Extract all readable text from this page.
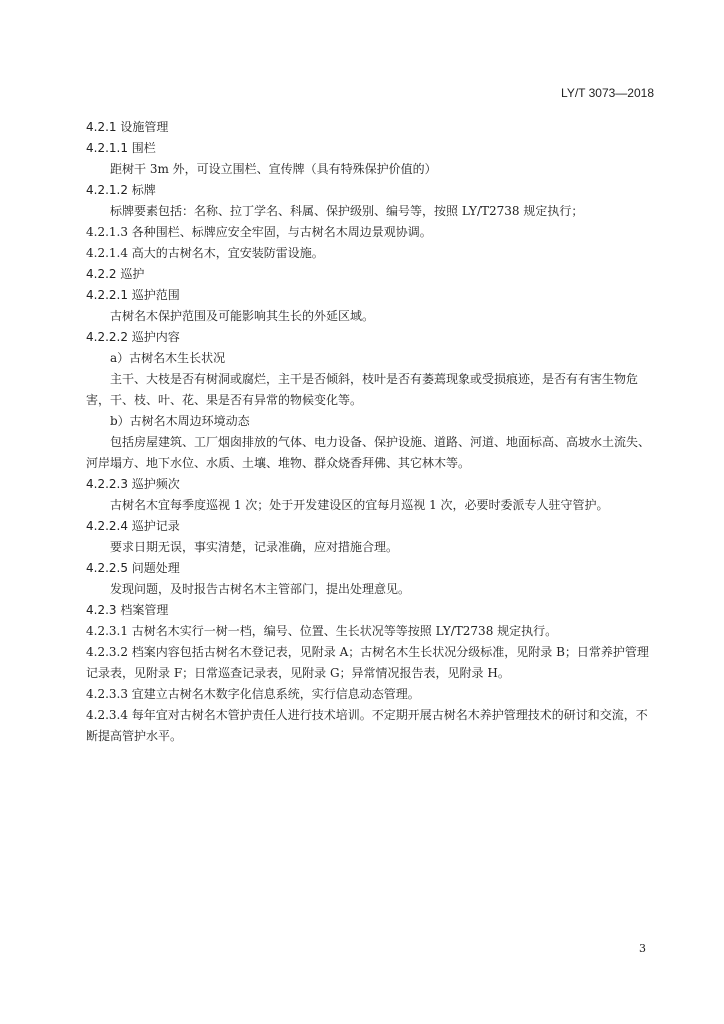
LY/T 3073—2018
4.2.1 设施管理
4.2.1.1 围栏
距树干 3m 外，可设立围栏、宣传牌（具有特殊保护价值的）
4.2.1.2 标牌
标牌要素包括：名称、拉丁学名、科属、保护级别、编号等，按照 LY/T2738 规定执行；
4.2.1.3 各种围栏、标牌应安全牢固，与古树名木周边景观协调。
4.2.1.4 高大的古树名木，宜安装防雷设施。
4.2.2 巡护
4.2.2.1 巡护范围
古树名木保护范围及可能影响其生长的外延区域。
4.2.2.2 巡护内容
a）古树名木生长状况
主干、大枝是否有树洞或腐烂，主干是否倾斜，枝叶是否有萎蔫现象或受损痕迹，是否有有害生物危害，干、枝、叶、花、果是否有异常的物候变化等。
b）古树名木周边环境动态
包括房屋建筑、工厂烟囱排放的气体、电力设备、保护设施、道路、河道、地面标高、高坡水土流失、河岸塌方、地下水位、水质、土壤、堆物、群众烧香拜佛、其它林木等。
4.2.2.3 巡护频次
古树名木宜每季度巡视 1 次；处于开发建设区的宜每月巡视 1 次，必要时委派专人驻守管护。
4.2.2.4 巡护记录
要求日期无误，事实清楚，记录准确，应对措施合理。
4.2.2.5 问题处理
发现问题，及时报告古树名木主管部门，提出处理意见。
4.2.3 档案管理
4.2.3.1 古树名木实行一树一档，编号、位置、生长状况等等按照 LY/T2738 规定执行。
4.2.3.2 档案内容包括古树名木登记表，见附录 A；古树名木生长状况分级标准，见附录 B；日常养护管理记录表，见附录 F；日常巡查记录表，见附录 G；异常情况报告表，见附录 H。
4.2.3.3 宜建立古树名木数字化信息系统，实行信息动态管理。
4.2.3.4 每年宜对古树名木管护责任人进行技术培训。不定期开展古树名木养护管理技术的研讨和交流，不断提高管护水平。
3
